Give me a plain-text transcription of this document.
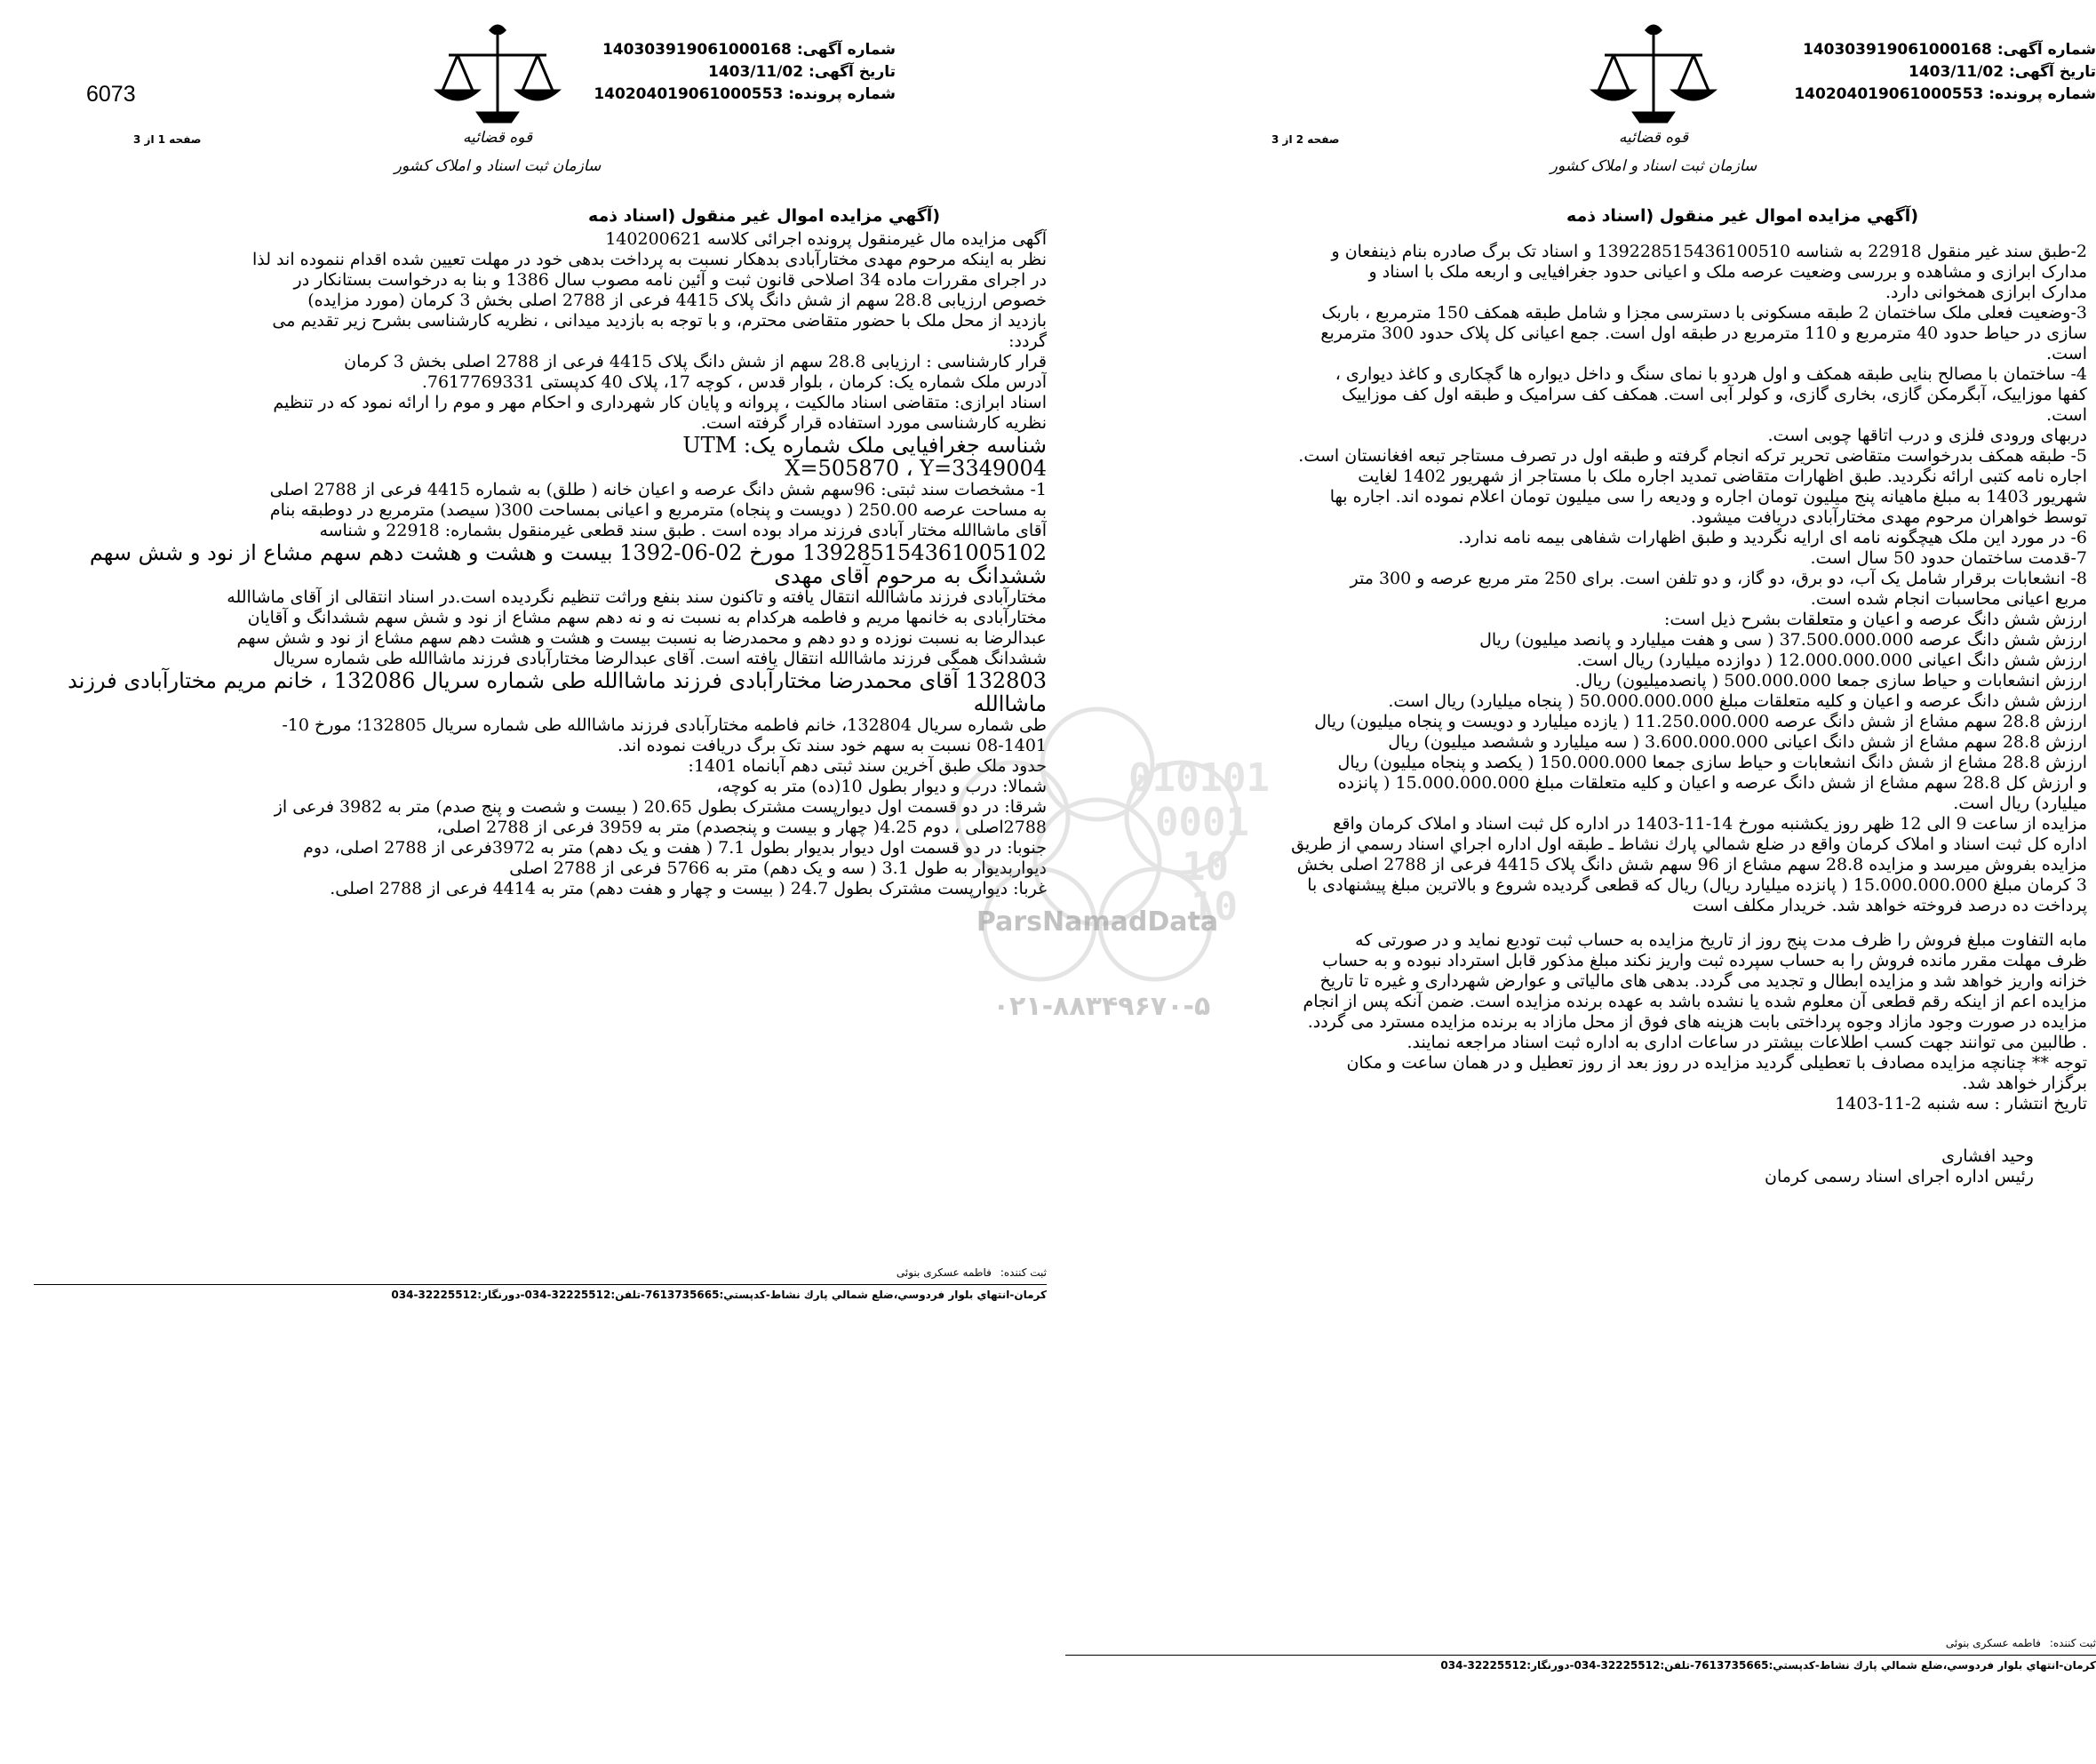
شماره آگهی: 140303919061000168
تاریخ آگهی: 1403/11/02
شماره پرونده: 140204019061000553
قوه قضائیه
سازمان ثبت اسناد و املاک کشور
6073
صفحه 1 از 3
(آگهي مزايده اموال غير منقول (اسناد ذمه

آگهی مزایده مال غیرمنقول پرونده اجرائی کلاسه 140200621

نظر به اینکه مرحوم مهدی مختارآبادی بدهکار نسبت به پرداخت بدهی خود در مهلت تعیین شده اقدام ننموده اند لذا

در اجرای مقررات ماده 34 اصلاحی قانون ثبت و آئین نامه مصوب سال 1386 و بنا به درخواست بستانکار در

خصوص ارزیابی 28.8 سهم از شش دانگ پلاک 4415 فرعی از 2788 اصلی بخش 3 کرمان (مورد مزایده)

بازدید از محل ملک با حضور متقاضی محترم، و با توجه به بازدید میدانی ، نظریه کارشناسی بشرح زیر تقدیم می

گردد:

قرار کارشناسی : ارزیابی 28.8 سهم از شش دانگ پلاک 4415 فرعی از 2788 اصلی بخش 3 کرمان

آدرس ملک شماره یک: کرمان ، بلوار قدس ، کوچه 17، پلاک 40 کدپستی 7617769331.

اسناد ابرازی: متقاضی اسناد مالکیت ، پروانه و پایان کار شهرداری و احکام مهر و موم را ارائه نمود که در تنظیم

نظریه کارشناسی مورد استفاده قرار گرفته است.

شناسه جغرافیایی ملک شماره یک: UTM

X=505870 ، Y=3349004

1- مشخصات سند ثبتی: 96سهم شش دانگ عرصه و اعیان خانه ( طلق) به شماره 4415 فرعی از 2788 اصلی

به مساحت عرصه 250.00 ( دویست و پنجاه) مترمربع و اعیانی بمساحت 300( سیصد) مترمربع در دوطبقه بنام

آقای ماشاالله مختار آبادی فرزند مراد بوده است . طبق سند قطعی غیرمنقول بشماره: 22918 و شناسه

139285154361005102 مورخ 02-06-1392 بیست و هشت و هشت دهم سهم مشاع از نود و شش سهم ششدانگ به مرحوم آقای مهدی

مختارآبادی فرزند ماشاالله انتقال یافته و تاکنون سند بنفع وراثت تنظیم نگردیده است.در اسناد انتقالی از آقای ماشاالله

مختارآبادی به خانمها مریم و فاطمه هرکدام به نسبت نه و نه دهم سهم مشاع از نود و شش سهم ششدانگ و آقایان

عبدالرضا به نسبت نوزده و دو دهم و محمدرضا به نسبت بیست و هشت و هشت دهم سهم مشاع از نود و شش سهم

ششدانگ همگی فرزند ماشاالله انتقال یافته است. آقای عبدالرضا مختارآبادی فرزند ماشاالله طی شماره سریال

132803 آقای محمدرضا مختارآبادی فرزند ماشاالله طی شماره سریال 132086 ، خانم مریم مختارآبادی فرزند ماشاالله

طی شماره سریال 132804، خانم فاطمه مختارآبادی فرزند ماشاالله طی شماره سریال 132805؛ مورخ 10-

08-1401 نسبت به سهم خود سند تک برگ دریافت نموده اند.

حدود ملک طبق آخرین سند ثبتی دهم آبانماه 1401:

شمالا: درب و دیوار بطول 10(ده) متر به کوچه،

شرقا: در دو قسمت اول دیوارپست مشترک بطول 20.65 ( بیست و شصت و پنج صدم) متر به 3982 فرعی از

2788اصلی ، دوم 4.25( چهار و بیست و پنجصدم) متر به 3959 فرعی از 2788 اصلی،

جنوبا: در دو قسمت اول دیوار بدیوار بطول 7.1 ( هفت و یک دهم) متر به 3972فرعی از 2788 اصلی، دوم

دیواربدیوار به طول 3.1 ( سه و یک دهم) متر به 5766 فرعی از 2788 اصلی

غربا: دیوارپست مشترک بطول 24.7 ( بیست و چهار و هفت دهم) متر به 4414 فرعی از 2788 اصلی.

ثبت کننده:فاطمه عسکری بنوئی
کرمان-انتهاي بلوار فردوسي،ضلع شمالي پارك نشاط-كدپستي:7613735665-تلفن:32225512-034-دورنگار:32225512-034
شماره آگهی: 140303919061000168
تاریخ آگهی: 1403/11/02
شماره پرونده: 140204019061000553
قوه قضائیه
سازمان ثبت اسناد و املاک کشور
صفحه 2 از 3
(آگهي مزايده اموال غير منقول (اسناد ذمه

2-طبق سند غیر منقول 22918 به شناسه 139228515436100510 و اسناد تک برگ صادره بنام ذینفعان و

مدارک ابرازی و مشاهده و بررسی وضعیت عرصه ملک و اعیانی حدود جغرافیایی و اربعه ملک با اسناد و

مدارک ابرازی همخوانی دارد.

3-وضعیت فعلی ملک ساختمان 2 طبقه مسکونی با دسترسی مجزا و شامل طبقه همکف 150 مترمربع ، باربک

سازی در حیاط حدود 40 مترمربع و 110 مترمربع در طبقه اول است. جمع اعیانی کل پلاک حدود 300 مترمربع

است.

4- ساختمان با مصالح بنایی طبقه همکف و اول هردو با نمای سنگ و داخل دیواره ها گچکاری و کاغذ دیواری ،

کفها موزاییک، آبگرمکن گازی، بخاری گازی، و کولر آبی است. همکف کف سرامیک و طبقه اول کف موزاییک

است.

دربهای ورودی فلزی و درب اتاقها چوبی است.

5- طبقه همکف بدرخواست متقاضی تحریر ترکه انجام گرفته و طبقه اول در تصرف مستاجر تبعه افغانستان است.

اجاره نامه کتبی ارائه نگردید. طبق اظهارات متقاضی تمدید اجاره ملک با مستاجر از شهریور 1402 لغایت

شهریور 1403 به مبلغ ماهیانه پنج میلیون تومان اجاره و ودیعه را سی میلیون تومان اعلام نموده اند. اجاره بها

توسط خواهران مرحوم مهدی مختارآبادی دریافت میشود.

6- در مورد این ملک هیچگونه نامه ای ارایه نگردید و طبق اظهارات شفاهی بیمه نامه ندارد.

7-قدمت ساختمان حدود 50 سال است.

8- انشعابات برقرار شامل یک آب، دو برق، دو گاز، و دو تلفن است. برای 250 متر مربع عرصه و 300 متر

مربع اعیانی محاسبات انجام شده است.

ارزش شش دانگ عرصه و اعیان و متعلقات بشرح ذیل است:

ارزش شش دانگ عرصه 37.500.000.000 ( سی و هفت میلیارد و پانصد میلیون) ریال

ارزش شش دانگ اعیانی 12.000.000.000 ( دوازده میلیارد) ریال است.

ارزش انشعابات و حیاط سازی جمعا 500.000.000 ( پانصدمیلیون) ریال.

ارزش شش دانگ عرصه و اعیان و کلیه متعلقات مبلغ 50.000.000.000 ( پنجاه میلیارد) ریال است.

ارزش 28.8 سهم مشاع از شش دانگ عرصه 11.250.000.000 ( یازده میلیارد و دویست و پنجاه میلیون) ریال

ارزش 28.8 سهم مشاع از شش دانگ اعیانی 3.600.000.000 ( سه میلیارد و ششصد میلیون) ریال

ارزش 28.8 مشاع از شش دانگ انشعابات و حیاط سازی جمعا 150.000.000 ( یکصد و پنجاه میلیون) ریال

و ارزش کل 28.8 سهم مشاع از شش دانگ عرصه و اعیان و کلیه متعلقات مبلغ 15.000.000.000 ( پانزده

میلیارد) ریال است.

مزایده از ساعت 9 الی 12 ظهر روز یکشنبه مورخ 14-11-1403 در اداره کل ثبت اسناد و املاک کرمان واقع

اداره کل ثبت اسناد و املاک کرمان واقع در ضلع شمالي پارك نشاط ـ طبقه اول اداره اجراي اسناد رسمي از طریق

مزایده بفروش میرسد و مزایده 28.8 سهم مشاع از 96 سهم شش دانگ پلاک 4415 فرعی از 2788 اصلی بخش

3 کرمان مبلغ 15.000.000.000 ( پانزده میلیارد ریال) ریال که قطعی گردیده شروع و بالاترین مبلغ پیشنهادی با

پرداخت ده درصد فروخته خواهد شد. خریدار مکلف است

مابه التفاوت مبلغ فروش را ظرف مدت پنج روز از تاریخ مزایده به حساب ثبت تودیع نماید و در صورتی که

ظرف مهلت مقرر مانده فروش را به حساب سپرده ثبت واریز نکند مبلغ مذکور قابل استرداد نبوده و به حساب

خزانه واریز خواهد شد و مزایده ابطال و تجدید می گردد. بدهی های مالیاتی و عوارض شهرداری و غیره تا تاریخ

مزایده اعم از اینکه رقم قطعی آن معلوم شده یا نشده باشد به عهده برنده مزایده است. ضمن آنکه پس از انجام

مزایده در صورت وجود مازاد وجوه پرداختی بابت هزینه های فوق از محل مازاد به برنده مزایده مسترد می گردد.

. طالبین می توانند جهت کسب اطلاعات بیشتر در ساعات اداری به اداره ثبت اسناد مراجعه نمایند.

توجه ** چنانچه مزایده مصادف با تعطیلی گردید مزایده در روز بعد از روز تعطیل و در همان ساعت و مکان

برگزار خواهد شد.

تاریخ انتشار : سه شنبه 2-11-1403

وحید افشاری

رئیس اداره اجرای اسناد رسمی کرمان

ثبت کننده:فاطمه عسکری بنوئی
کرمان-انتهاي بلوار فردوسي،ضلع شمالي پارك نشاط-كدپستي:7613735665-تلفن:32225512-034-دورنگار:32225512-034
010101
0001
10
10
ParsNamadData
۰۲۱-۸۸۳۴۹۶۷۰-۵
